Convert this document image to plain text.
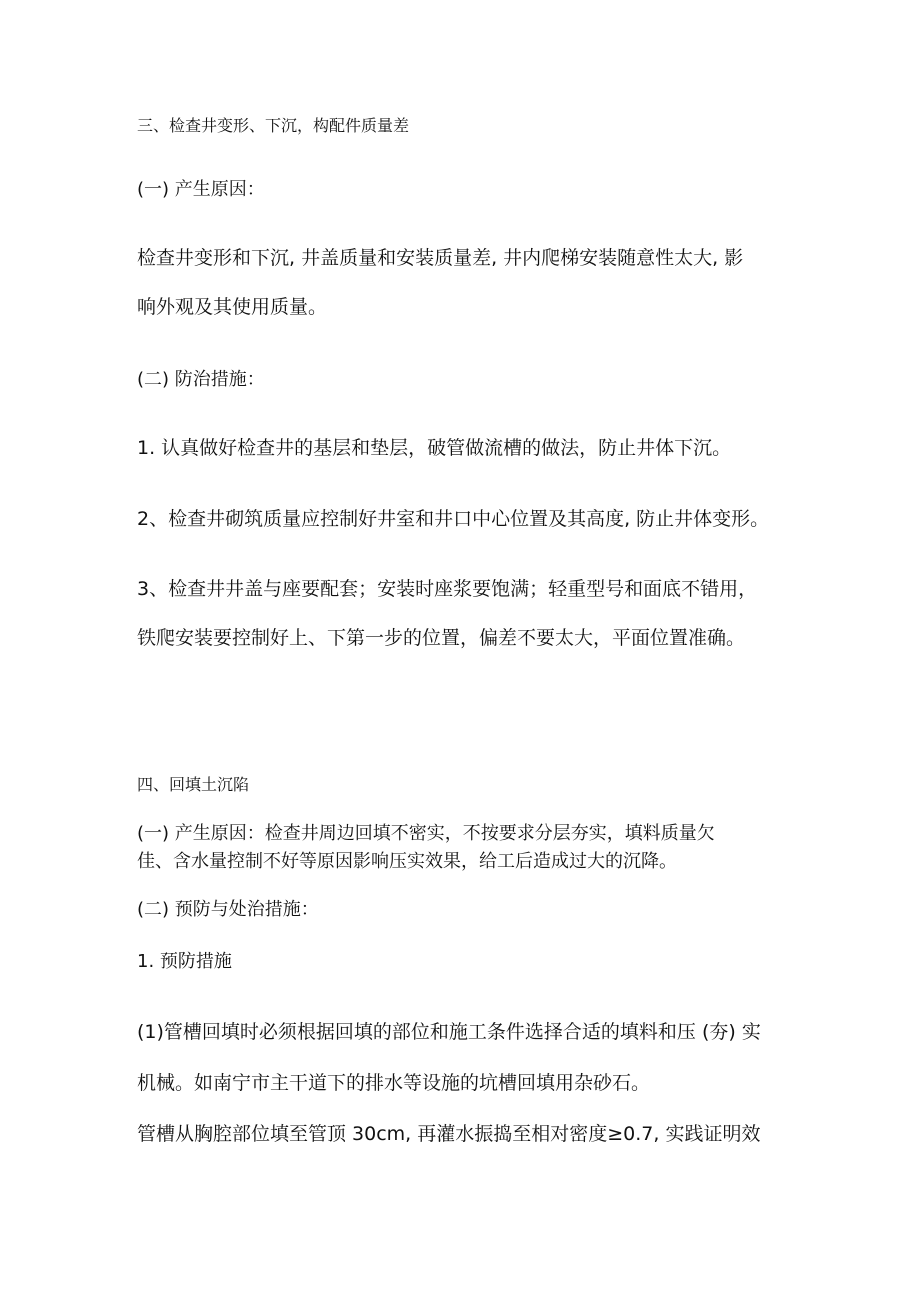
三、检查井变形、下沉，构配件质量差
(一) 产生原因：
检查井变形和下沉, 井盖质量和安装质量差, 井内爬梯安装随意性太大, 影
响外观及其使用质量。
(二) 防治措施：
1. 认真做好检查井的基层和垫层，破管做流槽的做法，防止井体下沉。
2、检查井砌筑质量应控制好井室和井口中心位置及其高度, 防止井体变形。
3、检查井井盖与座要配套；安装时座浆要饱满；轻重型号和面底不错用，
铁爬安装要控制好上、下第一步的位置，偏差不要太大，平面位置准确。
四、回填土沉陷
(一) 产生原因：检查井周边回填不密实，不按要求分层夯实，填料质量欠
佳、含水量控制不好等原因影响压实效果，给工后造成过大的沉降。
(二) 预防与处治措施：
1. 预防措施
(1)管槽回填时必须根据回填的部位和施工条件选择合适的填料和压 (夯) 实
机械。如南宁市主干道下的排水等设施的坑槽回填用杂砂石。
管槽从胸腔部位填至管顶 30cm, 再灌水振捣至相对密度≥0.7, 实践证明效
